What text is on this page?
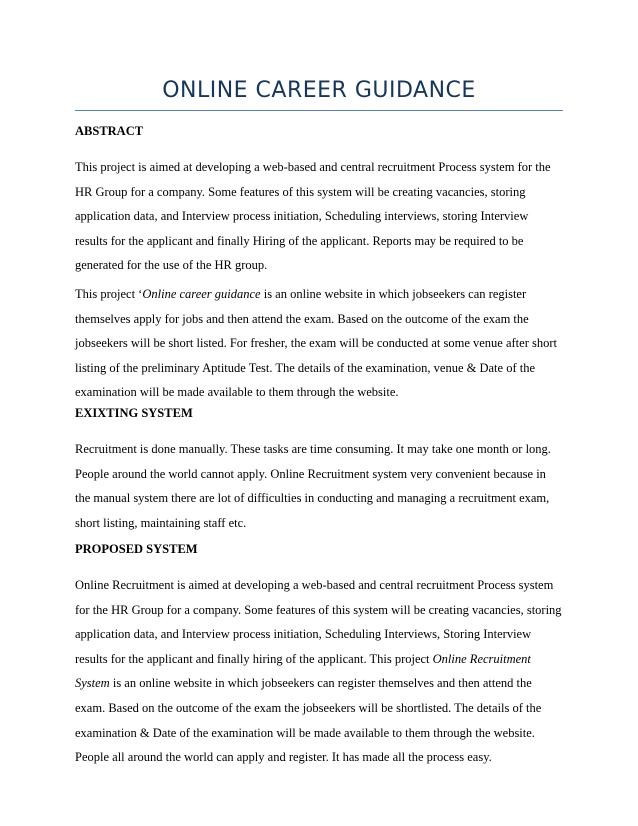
ONLINE CAREER GUIDANCE
ABSTRACT

This project is aimed at developing a web-based and central recruitment Process system for the
HR Group for a company. Some features of this system will be creating vacancies, storing
application data, and Interview process initiation, Scheduling interviews, storing Interview
results for the applicant and finally Hiring of the applicant. Reports may be required to be
generated for the use of the HR group.

This project ‘Online career guidance is an online website in which jobseekers can register
themselves apply for jobs and then attend the exam. Based on the outcome of the exam the
jobseekers will be short listed. For fresher, the exam will be conducted at some venue after short
listing of the preliminary Aptitude Test. The details of the examination, venue & Date of the
examination will be made available to them through the website.

EXIXTING SYSTEM

Recruitment is done manually. These tasks are time consuming. It may take one month or long.
People around the world cannot apply. Online Recruitment system very convenient because in
the manual system there are lot of difficulties in conducting and managing a recruitment exam,
short listing, maintaining staff etc.

PROPOSED SYSTEM

Online Recruitment is aimed at developing a web-based and central recruitment Process system
for the HR Group for a company. Some features of this system will be creating vacancies, storing
application data, and Interview process initiation, Scheduling Interviews, Storing Interview
results for the applicant and finally hiring of the applicant. This project Online Recruitment
System is an online website in which jobseekers can register themselves and then attend the
exam. Based on the outcome of the exam the jobseekers will be shortlisted. The details of the
examination & Date of the examination will be made available to them through the website.
People all around the world can apply and register. It has made all the process easy.
